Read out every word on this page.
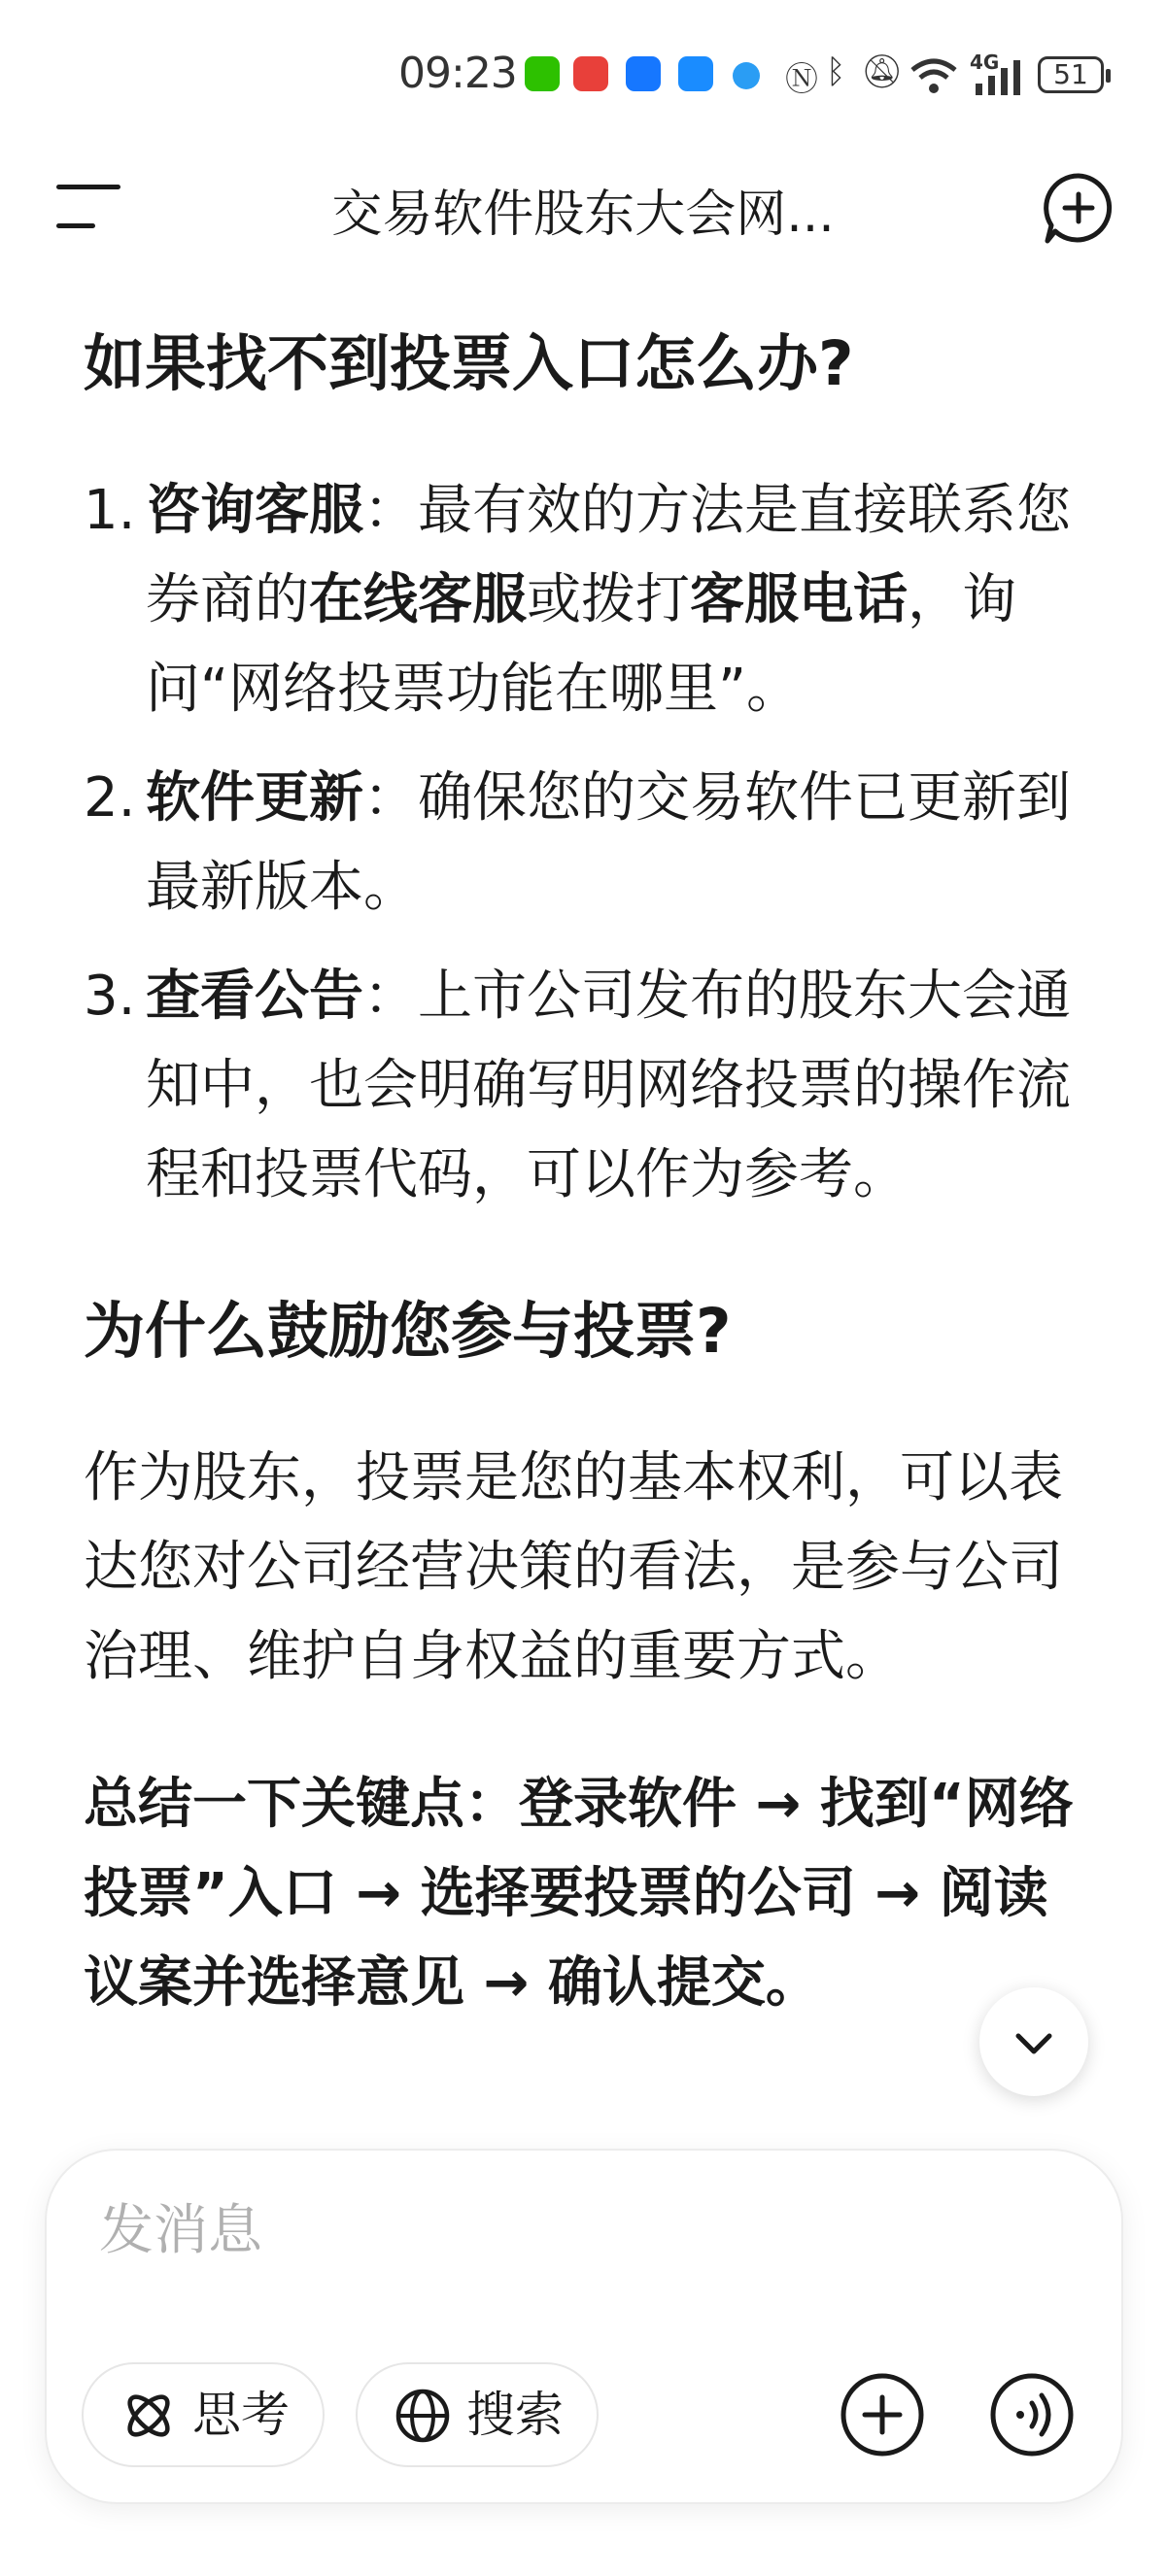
09:23	Ⓝ ᛒ 🔕︎	4G	51
交易软件股东大会网...
如果找不到投票入口怎么办?
1. 咨询客服：最有效的方法是直接联系您券商的在线客服或拨打客服电话，询问“网络投票功能在哪里”。
2. 软件更新：确保您的交易软件已更新到最新版本。
3. 查看公告：上市公司发布的股东大会通知中，也会明确写明网络投票的操作流程和投票代码，可以作为参考。
为什么鼓励您参与投票?

作为股东，投票是您的基本权利，可以表达您对公司经营决策的看法，是参与公司治理、维护自身权益的重要方式。

总结一下关键点：登录软件 → 找到“网络投票”入口 → 选择要投票的公司 → 阅读议案并选择意见 → 确认提交。

发消息
思考	搜索
